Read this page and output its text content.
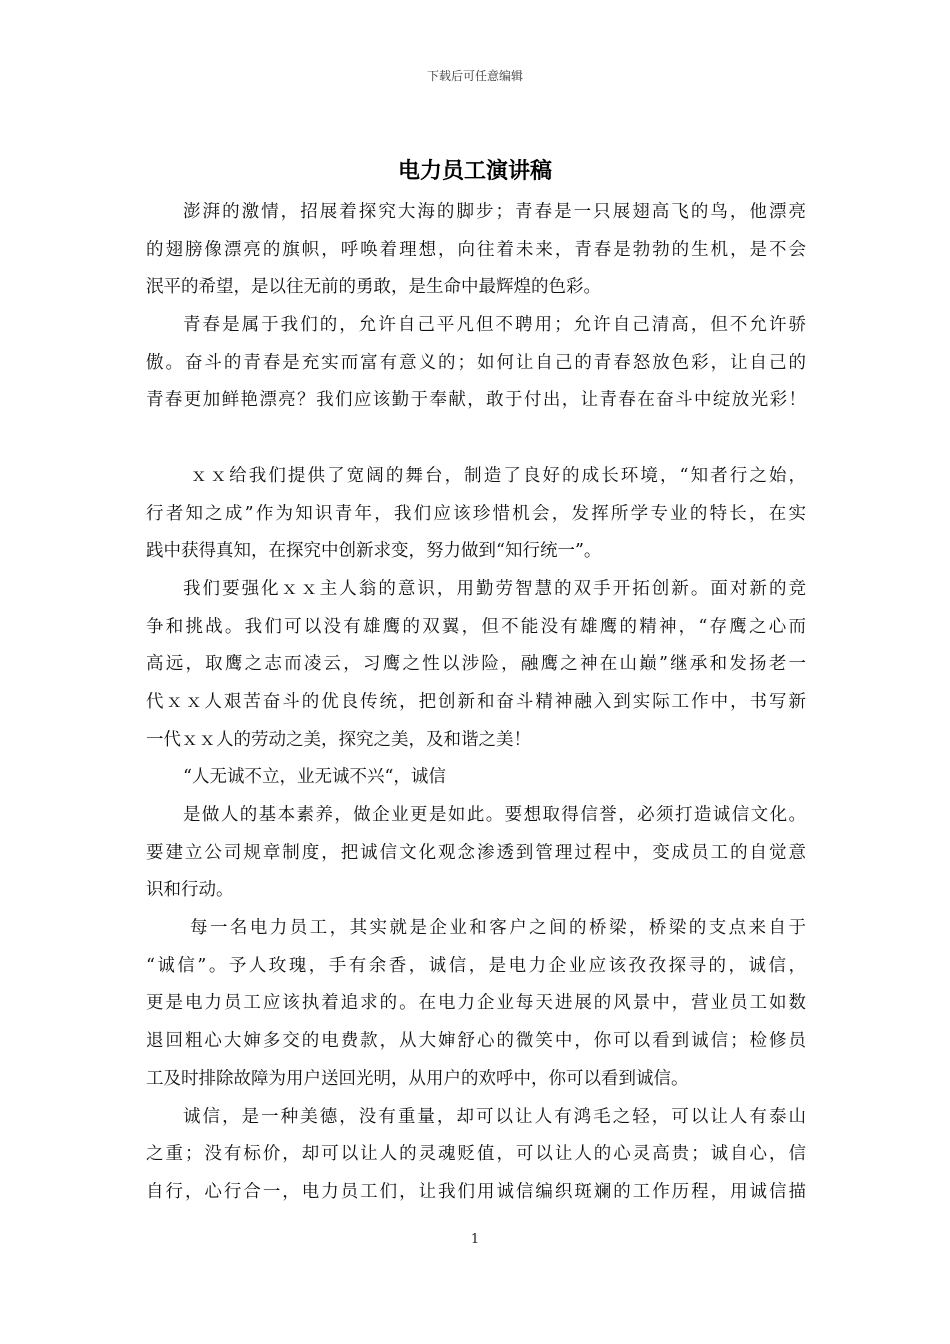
下载后可任意编辑
电力员工演讲稿
澎湃的激情，招展着探究大海的脚步；青春是一只展翅高飞的鸟，他漂亮
的翅膀像漂亮的旗帜，呼唤着理想，向往着未来，青春是勃勃的生机，是不会
泯平的希望，是以往无前的勇敢，是生命中最辉煌的色彩。
青春是属于我们的，允许自己平凡但不聘用；允许自己清高，但不允许骄
傲。奋斗的青春是充实而富有意义的；如何让自己的青春怒放色彩，让自己的
青春更加鲜艳漂亮？我们应该勤于奉献，敢于付出，让青春在奋斗中绽放光彩！
ｘｘ给我们提供了宽阔的舞台，制造了良好的成长环境，“知者行之始，
行者知之成”作为知识青年，我们应该珍惜机会，发挥所学专业的特长，在实
践中获得真知，在探究中创新求变，努力做到“知行统一”。
我们要强化ｘｘ主人翁的意识，用勤劳智慧的双手开拓创新。面对新的竞
争和挑战。我们可以没有雄鹰的双翼，但不能没有雄鹰的精神，“存鹰之心而
高远，取鹰之志而凌云，习鹰之性以涉险，融鹰之神在山巅”继承和发扬老一
代ｘｘ人艰苦奋斗的优良传统，把创新和奋斗精神融入到实际工作中，书写新
一代ｘｘ人的劳动之美，探究之美，及和谐之美！
“人无诚不立，业无诚不兴“，诚信
是做人的基本素养，做企业更是如此。要想取得信誉，必须打造诚信文化。
要建立公司规章制度，把诚信文化观念渗透到管理过程中，变成员工的自觉意
识和行动。
每一名电力员工，其实就是企业和客户之间的桥梁，桥梁的支点来自于
“诚信”。予人玫瑰，手有余香，诚信，是电力企业应该孜孜探寻的，诚信，
更是电力员工应该执着追求的。在电力企业每天进展的风景中，营业员工如数
退回粗心大婶多交的电费款，从大婶舒心的微笑中，你可以看到诚信；检修员
工及时排除故障为用户送回光明，从用户的欢呼中，你可以看到诚信。
诚信，是一种美德，没有重量，却可以让人有鸿毛之轻，可以让人有泰山
之重；没有标价，却可以让人的灵魂贬值，可以让人的心灵高贵；诚自心，信
自行，心行合一，电力员工们，让我们用诚信编织斑斓的工作历程，用诚信描
1
